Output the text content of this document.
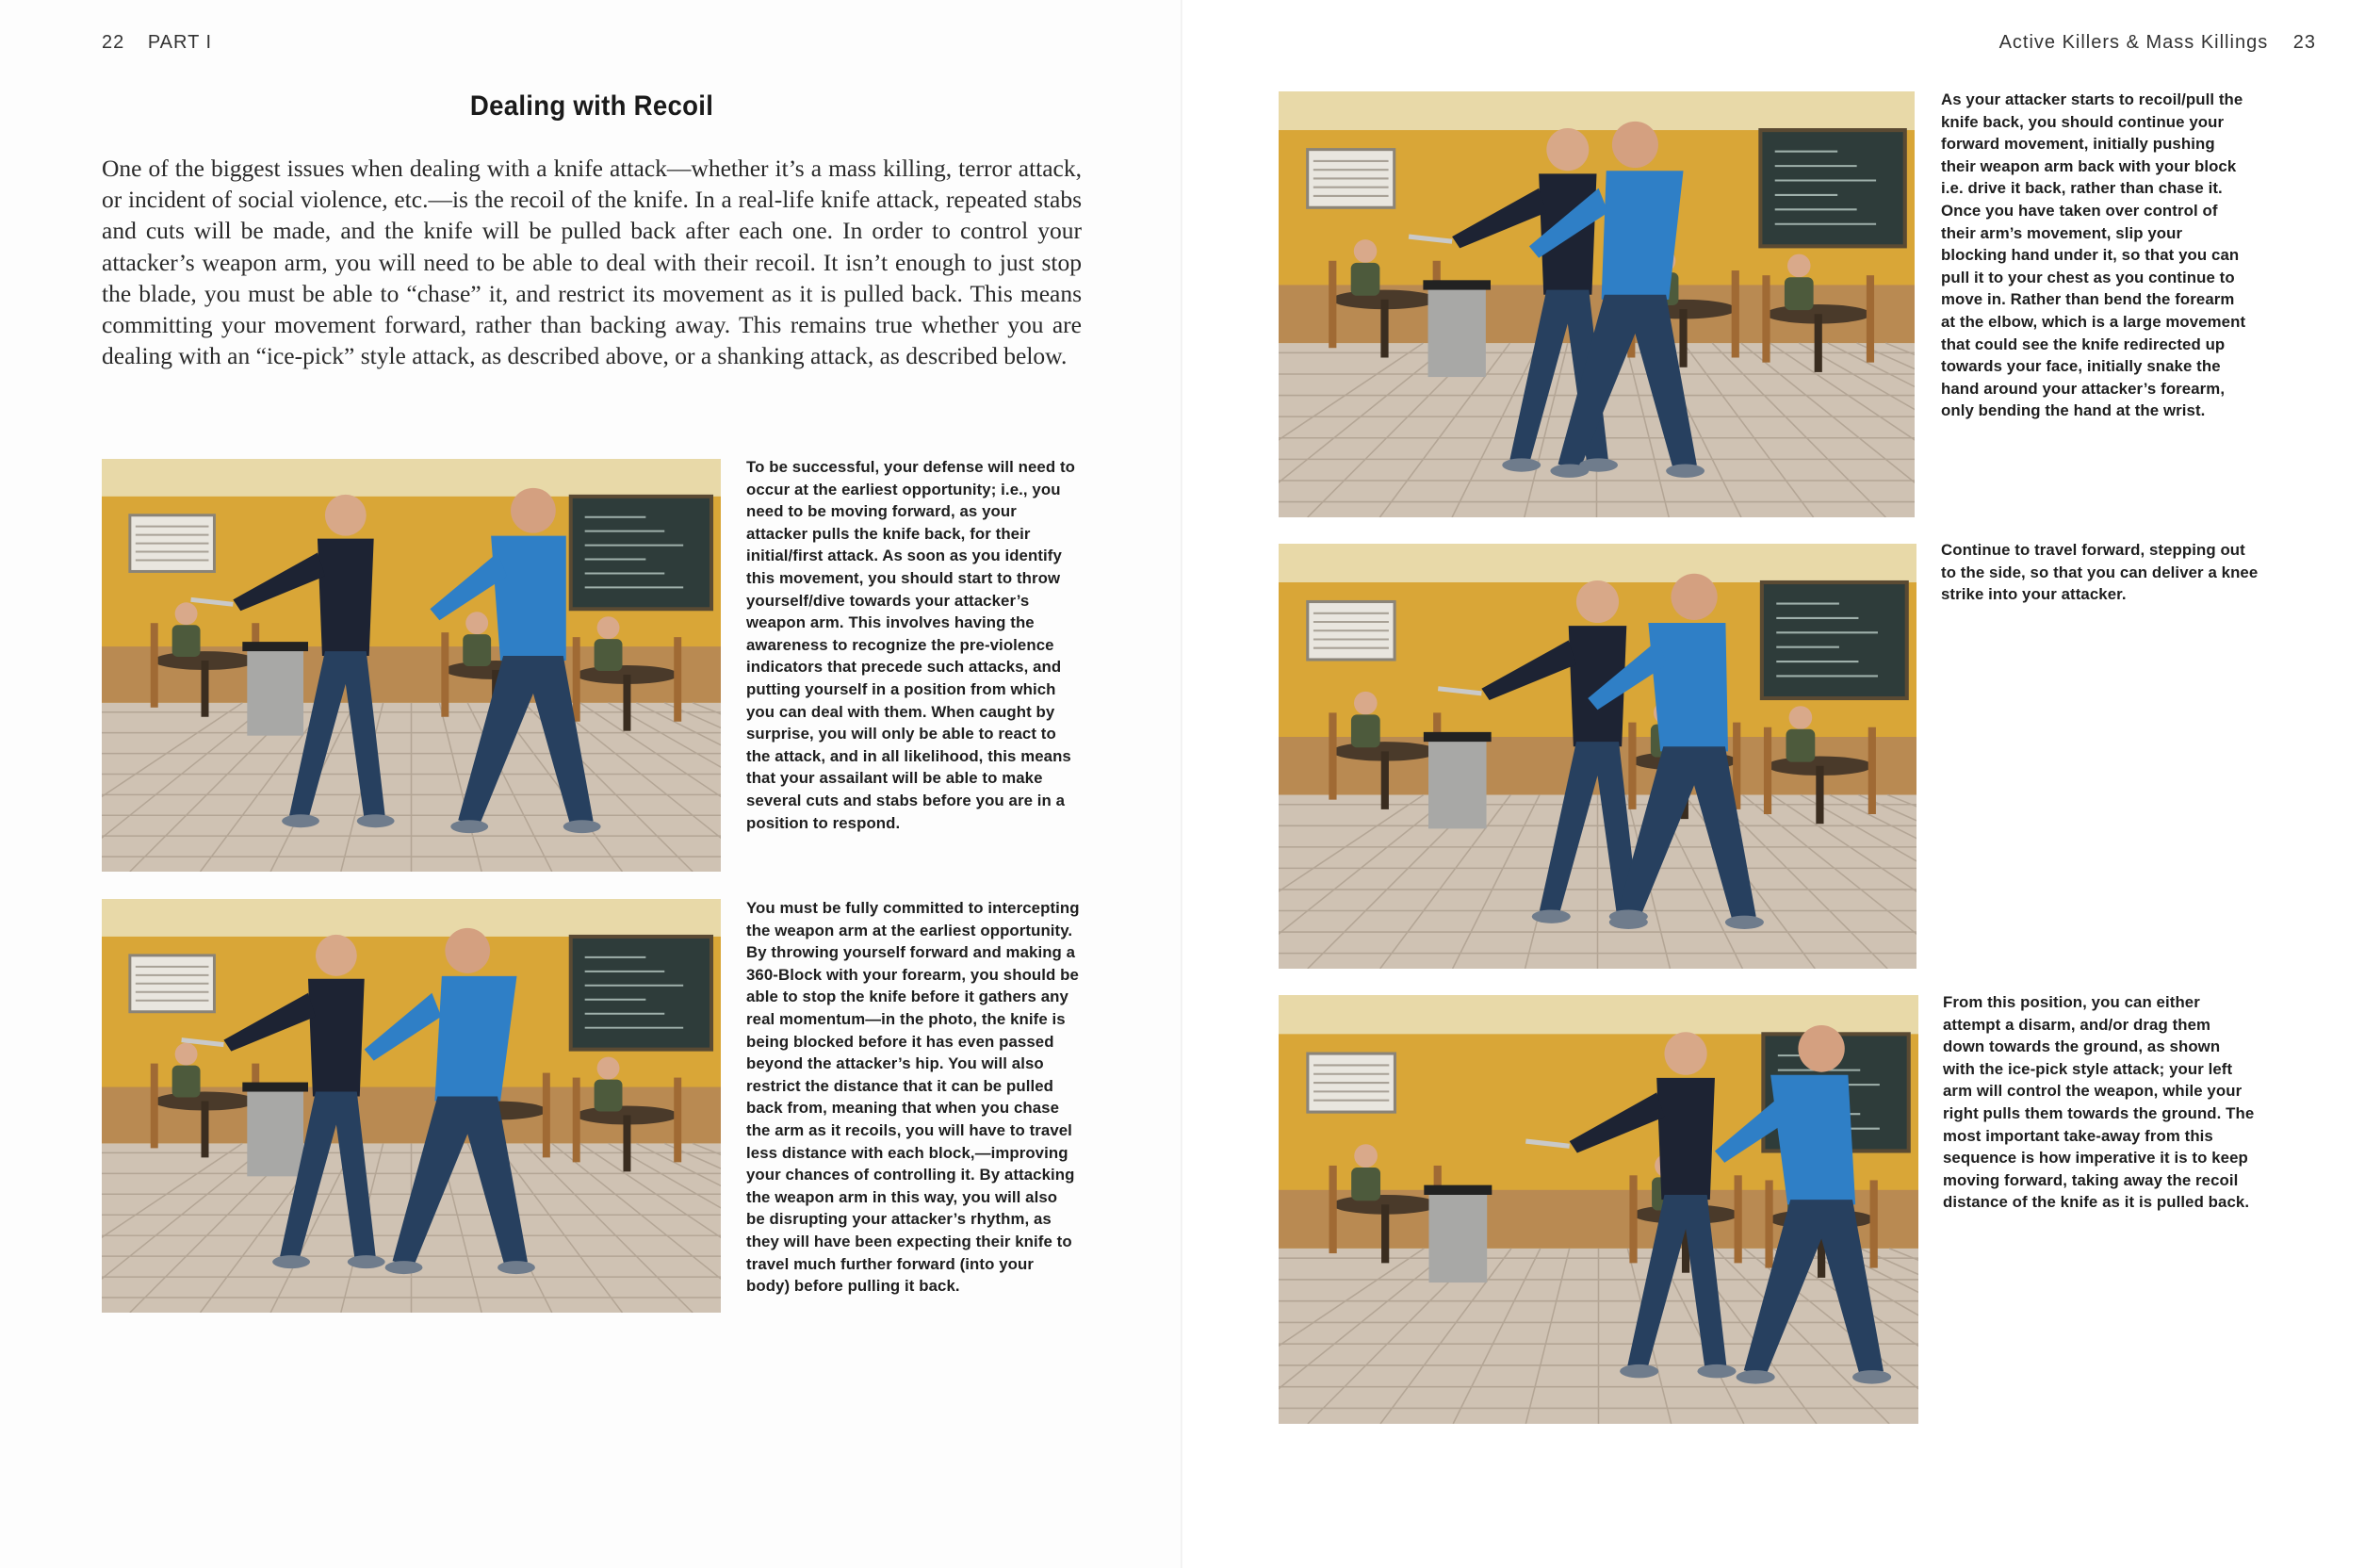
22 PART I
Dealing with Recoil
One of the biggest issues when dealing with a knife attack—whether it’s a mass killing, terror attack, or incident of social violence, etc.—is the recoil of the knife. In a real-life knife attack, repeated stabs and cuts will be made, and the knife will be pulled back after each one. In order to control your attacker’s weapon arm, you will need to be able to deal with their recoil. It isn’t enough to just stop the blade, you must be able to “chase” it, and restrict its movement as it is pulled back. This means committing your movement forward, rather than backing away. This remains true whether you are dealing with an “ice-pick” style attack, as described above, or a shanking attack, as described below.
To be successful, your defense will need to occur at the earliest opportunity; i.e., you need to be moving forward, as your attacker pulls the knife back, for their initial/first attack. As soon as you identify this movement, you should start to throw yourself/dive towards your attacker’s weapon arm. This involves having the awareness to recognize the pre-violence indicators that precede such attacks, and putting yourself in a position from which you can deal with them. When caught by surprise, you will only be able to react to the attack, and in all likelihood, this means that your assailant will be able to make several cuts and stabs before you are in a position to respond.
You must be fully committed to intercepting the weapon arm at the earliest opportunity. By throwing yourself forward and making a 360-Block with your forearm, you should be able to stop the knife before it gathers any real momentum—in the photo, the knife is being blocked before it has even passed beyond the attacker’s hip. You will also restrict the distance that it can be pulled back from, meaning that when you chase the arm as it recoils, you will have to travel less distance with each block,—improving your chances of controlling it. By attacking the weapon arm in this way, you will also be disrupting your attacker’s rhythm, as they will have been expecting their knife to travel much further forward (into your body) before pulling it back.
Active Killers & Mass Killings 23
As your attacker starts to recoil/pull the knife back, you should continue your forward movement, initially pushing their weapon arm back with your block i.e. drive it back, rather than chase it. Once you have taken over control of their arm’s movement, slip your blocking hand under it, so that you can pull it to your chest as you continue to move in. Rather than bend the forearm at the elbow, which is a large movement that could see the knife redirected up towards your face, initially snake the hand around your attacker’s forearm, only bending the hand at the wrist.
Continue to travel forward, stepping out to the side, so that you can deliver a knee strike into your attacker.
From this position, you can either attempt a disarm, and/or drag them down towards the ground, as shown with the ice-pick style attack; your left arm will control the weapon, while your right pulls them towards the ground. The most important take-away from this sequence is how imperative it is to keep moving forward, taking away the recoil distance of the knife as it is pulled back.
